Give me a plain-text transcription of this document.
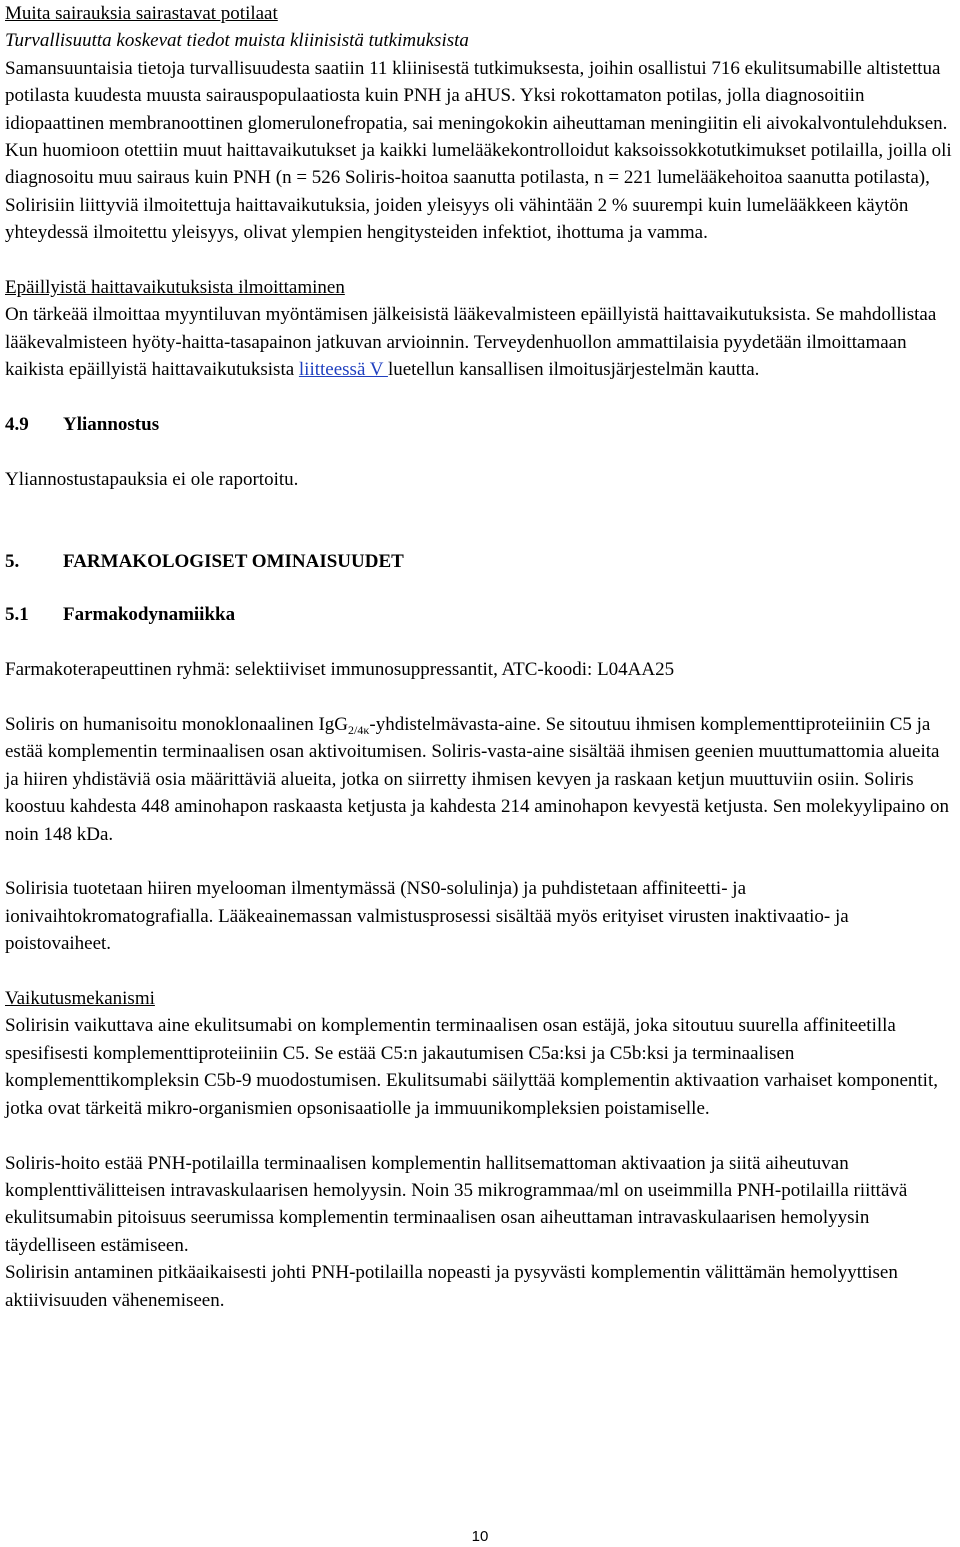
Muita sairauksia sairastavat potilaat

Turvallisuutta koskevat tiedot muista kliinisistä tutkimuksista

Samansuuntaisia tietoja turvallisuudesta saatiin 11 kliinisestä tutkimuksesta, joihin osallistui 716 ekulitsumabille altistettua potilasta kuudesta muusta sairauspopulaatiosta kuin PNH ja aHUS. Yksi rokottamaton potilas, jolla diagnosoitiin idiopaattinen membranoottinen glomerulonefropatia, sai meningokokin aiheuttaman meningiitin eli aivokalvontulehduksen. Kun huomioon otettiin muut haittavaikutukset ja kaikki lumelääkekontrolloidut kaksoissokkotutkimukset potilailla, joilla oli diagnosoitu muu sairaus kuin PNH (n = 526 Soliris-hoitoa saanutta potilasta, n = 221 lumelääkehoitoa saanutta potilasta), Solirisiin liittyviä ilmoitettuja haittavaikutuksia, joiden yleisyys oli vähintään 2 % suurempi kuin lumelääkkeen käytön yhteydessä ilmoitettu yleisyys, olivat ylempien hengitysteiden infektiot, ihottuma ja vamma.

Epäillyistä haittavaikutuksista ilmoittaminen

On tärkeää ilmoittaa myyntiluvan myöntämisen jälkeisistä lääkevalmisteen epäillyistä haittavaikutuksista. Se mahdollistaa lääkevalmisteen hyöty-haitta-tasapainon jatkuvan arvioinnin. Terveydenhuollon ammattilaisia pyydetään ilmoittamaan kaikista epäillyistä haittavaikutuksista liitteessä V luetellun kansallisen ilmoitusjärjestelmän kautta.

4.9	Yliannostus

Yliannostustapauksia ei ole raportoitu.

5.	FARMAKOLOGISET OMINAISUUDET
5.1	Farmakodynamiikka

Farmakoterapeuttinen ryhmä: selektiiviset immunosuppressantit, ATC-koodi: L04AA25

Soliris on humanisoitu monoklonaalinen IgG$_{2/4\kappa}$-yhdistelmävasta-aine. Se sitoutuu ihmisen komplementtiproteiiniin C5 ja estää komplementin terminaalisen osan aktivoitumisen. Soliris-vasta-aine sisältää ihmisen geenien muuttumattomia alueita ja hiiren yhdistäviä osia määrittäviä alueita, jotka on siirretty ihmisen kevyen ja raskaan ketjun muuttuviin osiin. Soliris koostuu kahdesta 448 aminohapon raskaasta ketjusta ja kahdesta 214 aminohapon kevyestä ketjusta. Sen molekyylipaino on noin 148 kDa.

Solirisia tuotetaan hiiren myelooman ilmentymässä (NS0-solulinja) ja puhdistetaan affiniteetti- ja ionivaihtokromatografialla. Lääkeainemassan valmistusprosessi sisältää myös erityiset virusten inaktivaatio- ja poistovaiheet.

Vaikutusmekanismi

Solirisin vaikuttava aine ekulitsumabi on komplementin terminaalisen osan estäjä, joka sitoutuu suurella affiniteetilla spesifisesti komplementtiproteiiniin C5. Se estää C5:n jakautumisen C5a:ksi ja C5b:ksi ja terminaalisen komplementtikompleksin C5b-9 muodostumisen. Ekulitsumabi säilyttää komplementin aktivaation varhaiset komponentit, jotka ovat tärkeitä mikro-organismien opsonisaatiolle ja immuunikompleksien poistamiselle.

Soliris-hoito estää PNH-potilailla terminaalisen komplementin hallitsemattoman aktivaation ja siitä aiheutuvan komplenttivälitteisen intravaskulaarisen hemolyysin. Noin 35 mikrogrammaa/ml on useimmilla PNH-potilailla riittävä ekulitsumabin pitoisuus seerumissa komplementin terminaalisen osan aiheuttaman intravaskulaarisen hemolyysin täydelliseen estämiseen.

Solirisin antaminen pitkäaikaisesti johti PNH-potilailla nopeasti ja pysyvästi komplementin välittämän hemolyyttisen aktiivisuuden vähenemiseen.

10
